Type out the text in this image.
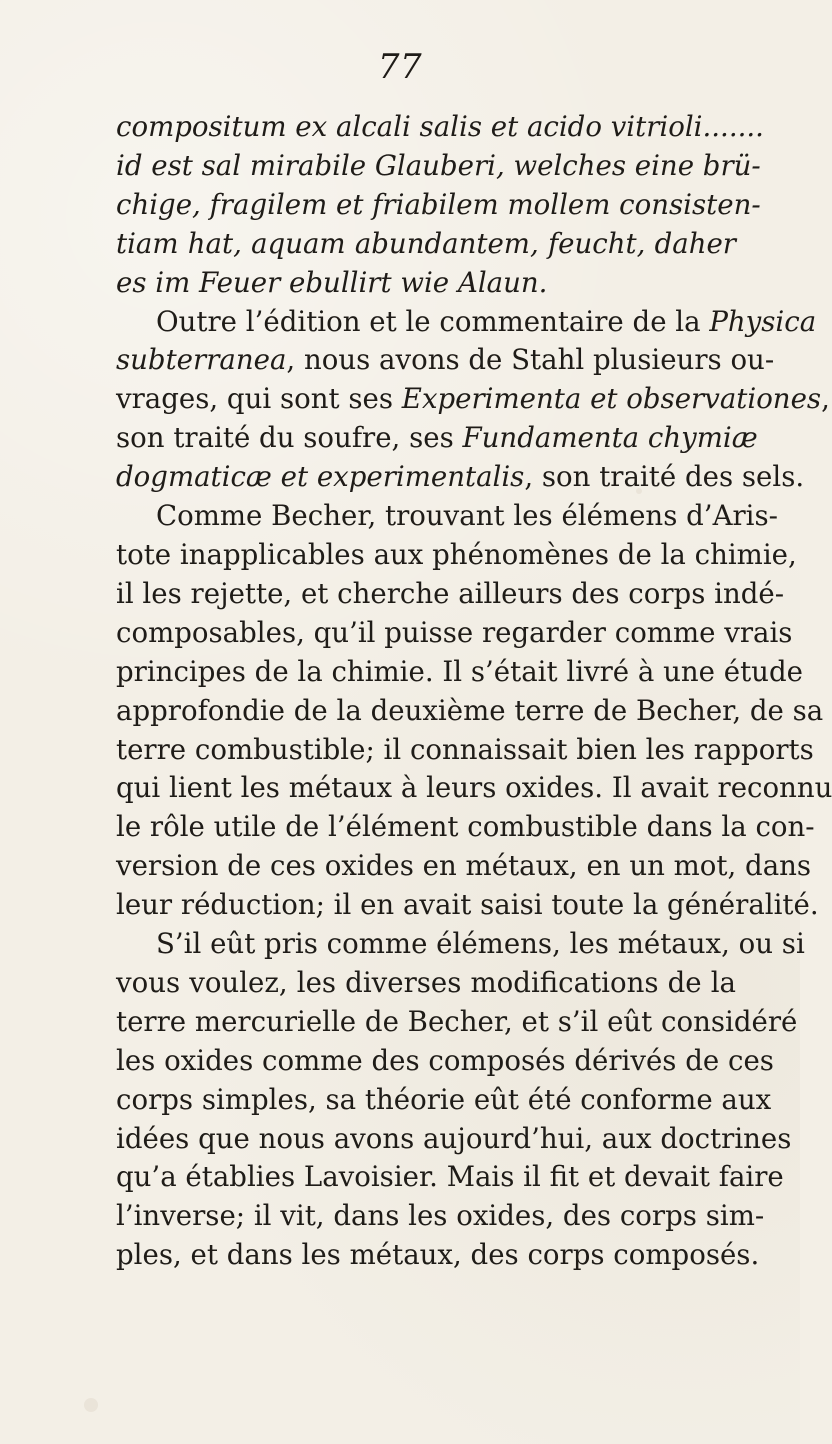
77
compositum ex alcali salis et acido vitrioli.......
id est sal mirabile Glauberi, welches eine brü-
chige, fragilem et friabilem mollem consisten-
tiam hat, aquam abundantem, feucht, daher
es im Feuer ebullirt wie Alaun.
Outre l’édition et le commentaire de la Physica
subterranea, nous avons de Stahl plusieurs ou-
vrages, qui sont ses Experimenta et observationes,
son traité du soufre, ses Fundamenta chymiæ
dogmaticæ et experimentalis, son traité des sels.
Comme Becher, trouvant les élémens d’Aris-
tote inapplicables aux phénomènes de la chimie,
il les rejette, et cherche ailleurs des corps indé-
composables, qu’il puisse regarder comme vrais
principes de la chimie. Il s’était livré à une étude
approfondie de la deuxième terre de Becher, de sa
terre combustible; il connaissait bien les rapports
qui lient les métaux à leurs oxides. Il avait reconnu
le rôle utile de l’élément combustible dans la con-
version de ces oxides en métaux, en un mot, dans
leur réduction; il en avait saisi toute la généralité.
S’il eût pris comme élémens, les métaux, ou si
vous voulez, les diverses modifications de la
terre mercurielle de Becher, et s’il eût considéré
les oxides comme des composés dérivés de ces
corps simples, sa théorie eût été conforme aux
idées que nous avons aujourd’hui, aux doctrines
qu’a établies Lavoisier. Mais il fit et devait faire
l’inverse; il vit, dans les oxides, des corps sim-
ples, et dans les métaux, des corps composés.
